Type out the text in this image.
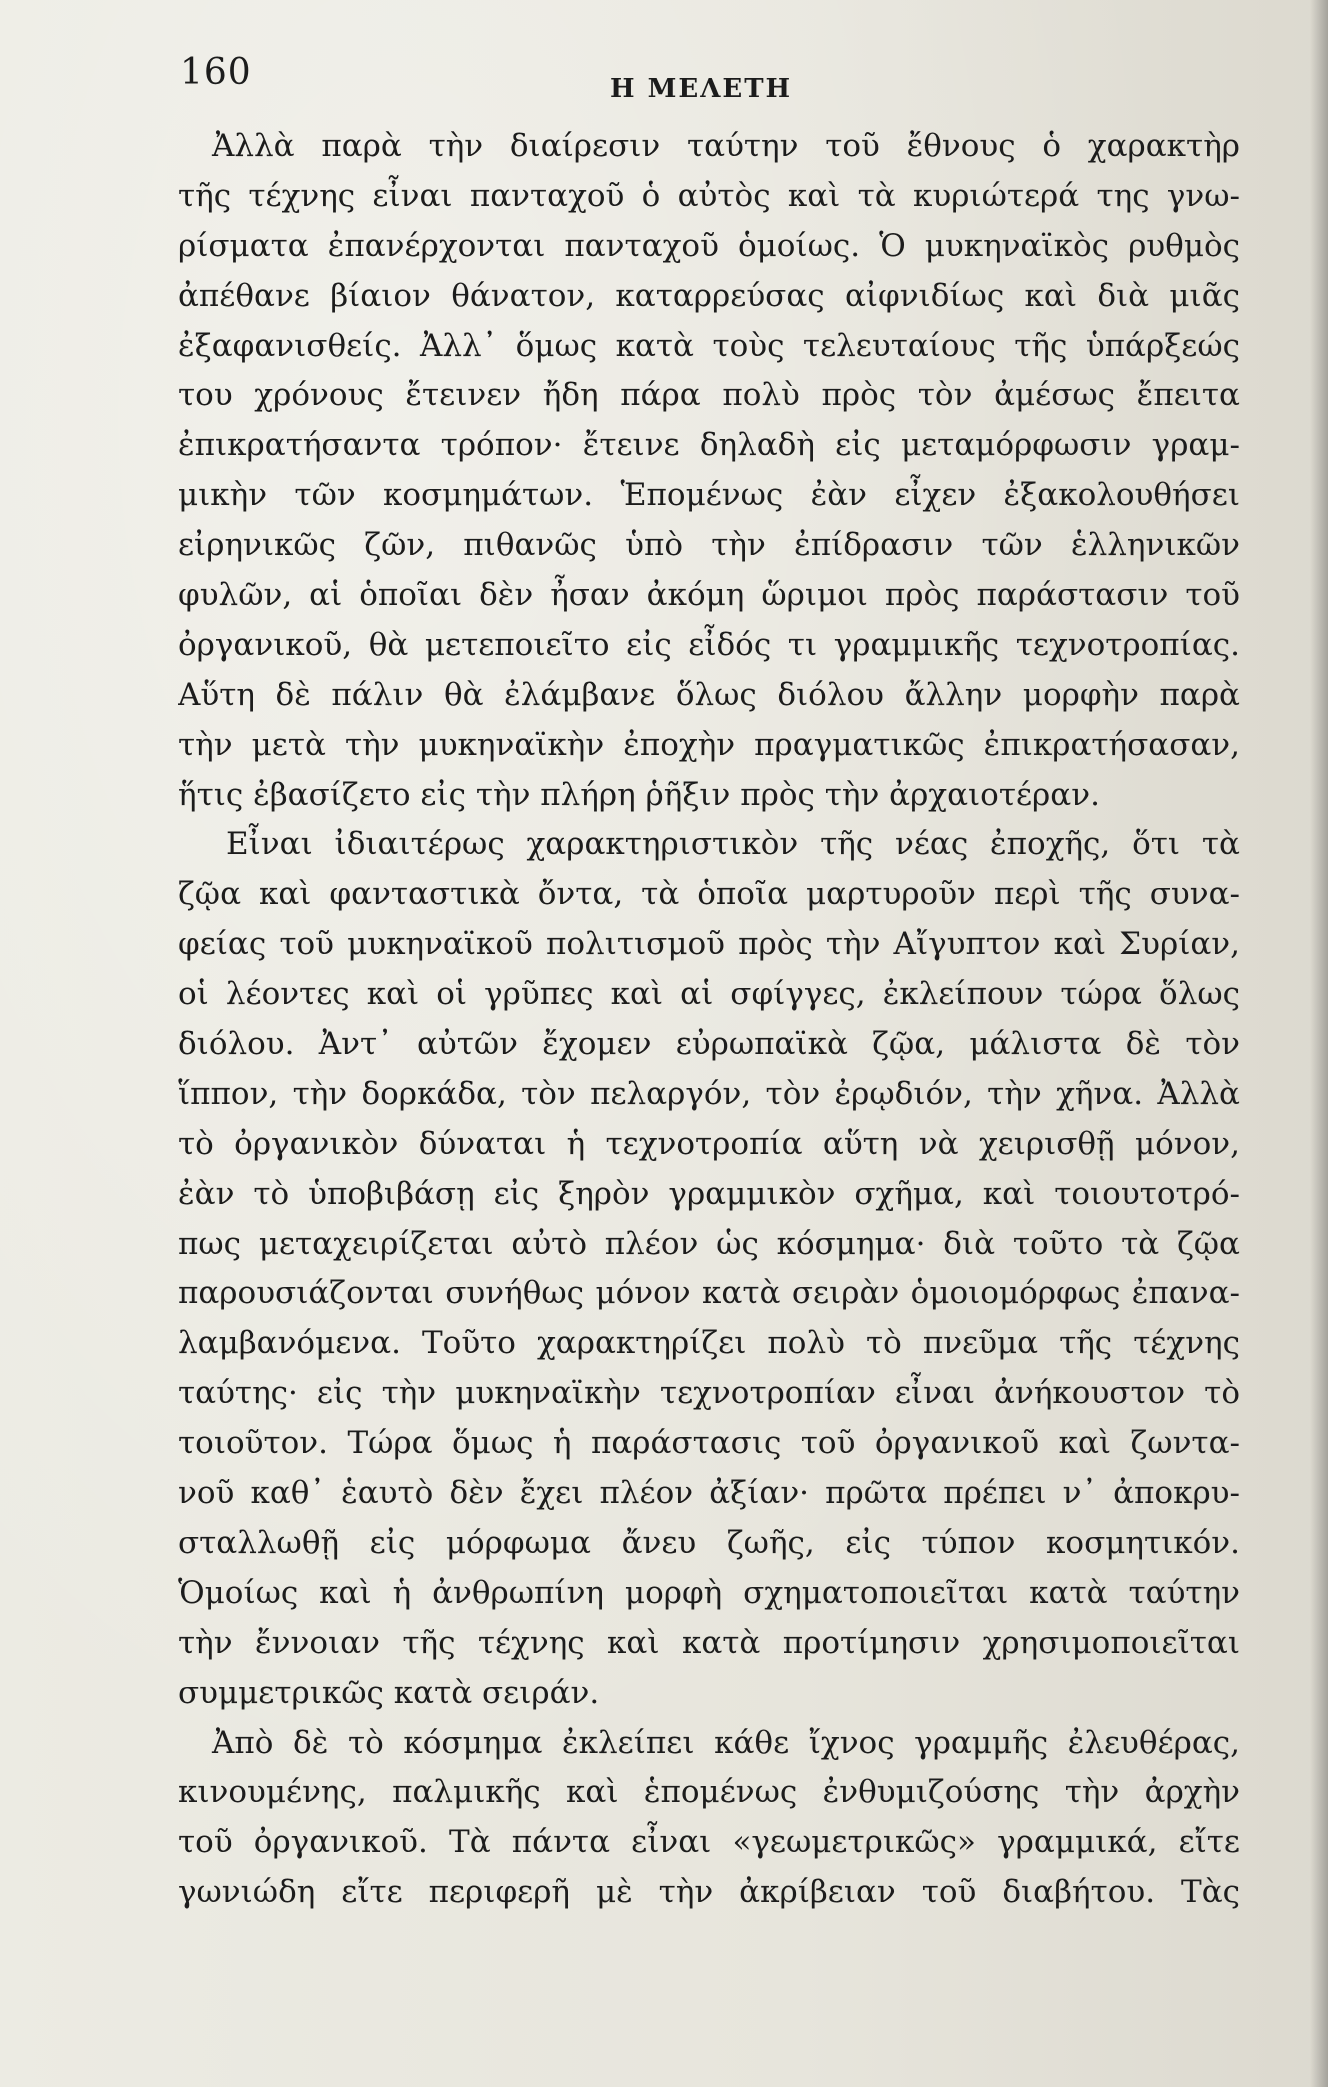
160	Η ΜΕΛΕΤΗ
Ἀλλὰ παρὰ τὴν διαίρεσιν ταύτην τοῦ ἔθνους ὁ χαρακτὴρ
τῆς τέχνης εἶναι πανταχοῦ ὁ αὐτὸς καὶ τὰ κυριώτερά της γνω-
ρίσματα ἐπανέρχονται πανταχοῦ ὁμοίως. Ὁ μυκηναϊκὸς ρυθμὸς
ἀπέθανε βίαιον θάνατον, καταρρεύσας αἰφνιδίως καὶ διὰ μιᾶς
ἐξαφανισθείς. Ἀλλ᾽ ὅμως κατὰ τοὺς τελευταίους τῆς ὑπάρξεώς
του χρόνους ἔτεινεν ἤδη πάρα πολὺ πρὸς τὸν ἀμέσως ἔπειτα
ἐπικρατήσαντα τρόπον· ἔτεινε δηλαδὴ εἰς μεταμόρφωσιν γραμ-
μικὴν τῶν κοσμημάτων. Ἑπομένως ἐὰν εἶχεν ἐξακολουθήσει
εἰρηνικῶς ζῶν, πιθανῶς ὑπὸ τὴν ἐπίδρασιν τῶν ἑλληνικῶν
φυλῶν, αἱ ὁποῖαι δὲν ἦσαν ἀκόμη ὥριμοι πρὸς παράστασιν τοῦ
ὀργανικοῦ, θὰ μετεποιεῖτο εἰς εἶδός τι γραμμικῆς τεχνοτροπίας.
Αὕτη δὲ πάλιν θὰ ἐλάμβανε ὅλως διόλου ἄλλην μορφὴν παρὰ
τὴν μετὰ τὴν μυκηναϊκὴν ἐποχὴν πραγματικῶς ἐπικρατήσασαν,
ἥτις ἐβασίζετο εἰς τὴν πλήρη ῥῆξιν πρὸς τὴν ἀρχαιοτέραν.
Εἶναι ἰδιαιτέρως χαρακτηριστικὸν τῆς νέας ἐποχῆς, ὅτι τὰ
ζῷα καὶ φανταστικὰ ὄντα, τὰ ὁποῖα μαρτυροῦν περὶ τῆς συνα-
φείας τοῦ μυκηναϊκοῦ πολιτισμοῦ πρὸς τὴν Αἴγυπτον καὶ Συρίαν,
οἱ λέοντες καὶ οἱ γρῦπες καὶ αἱ σφίγγες, ἐκλείπουν τώρα ὅλως
διόλου. Ἀντ᾽ αὐτῶν ἔχομεν εὐρωπαϊκὰ ζῷα, μάλιστα δὲ τὸν
ἵππον, τὴν δορκάδα, τὸν πελαργόν, τὸν ἐρῳδιόν, τὴν χῆνα. Ἀλλὰ
τὸ ὀργανικὸν δύναται ἡ τεχνοτροπία αὕτη νὰ χειρισθῇ μόνον,
ἐὰν τὸ ὑποβιβάσῃ εἰς ξηρὸν γραμμικὸν σχῆμα, καὶ τοιουτοτρό-
πως μεταχειρίζεται αὐτὸ πλέον ὡς κόσμημα· διὰ τοῦτο τὰ ζῷα
παρουσιάζονται συνήθως μόνον κατὰ σειρὰν ὁμοιομόρφως ἐπανα-
λαμβανόμενα. Τοῦτο χαρακτηρίζει πολὺ τὸ πνεῦμα τῆς τέχνης
ταύτης· εἰς τὴν μυκηναϊκὴν τεχνοτροπίαν εἶναι ἀνήκουστον τὸ
τοιοῦτον. Τώρα ὅμως ἡ παράστασις τοῦ ὀργανικοῦ καὶ ζωντα-
νοῦ καθ᾽ ἑαυτὸ δὲν ἔχει πλέον ἀξίαν· πρῶτα πρέπει ν᾽ ἀποκρυ-
σταλλωθῇ εἰς μόρφωμα ἄνευ ζωῆς, εἰς τύπον κοσμητικόν.
Ὁμοίως καὶ ἡ ἀνθρωπίνη μορφὴ σχηματοποιεῖται κατὰ ταύτην
τὴν ἔννοιαν τῆς τέχνης καὶ κατὰ προτίμησιν χρησιμοποιεῖται
συμμετρικῶς κατὰ σειράν.
Ἀπὸ δὲ τὸ κόσμημα ἐκλείπει κάθε ἴχνος γραμμῆς ἐλευθέρας,
κινουμένης, παλμικῆς καὶ ἑπομένως ἐνθυμιζούσης τὴν ἀρχὴν
τοῦ ὀργανικοῦ. Τὰ πάντα εἶναι «γεωμετρικῶς» γραμμικά, εἴτε
γωνιώδη εἴτε περιφερῆ μὲ τὴν ἀκρίβειαν τοῦ διαβήτου. Τὰς
